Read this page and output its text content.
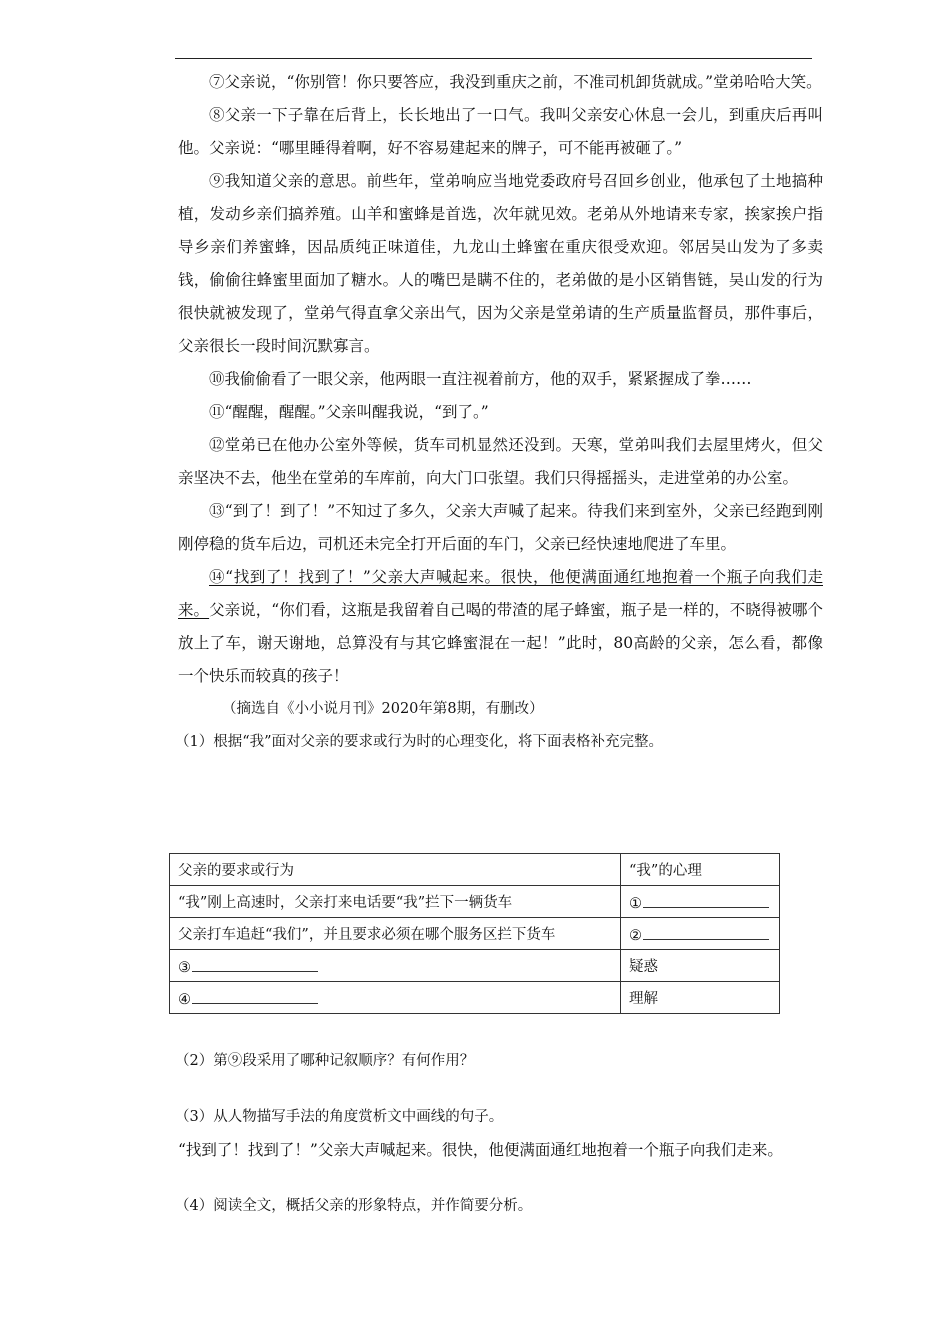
⑦父亲说，“你别管！你只要答应，我没到重庆之前，不准司机卸货就成。”堂弟哈哈大笑。

⑧父亲一下子靠在后背上，长长地出了一口气。我叫父亲安心休息一会儿，到重庆后再叫他。父亲说：“哪里睡得着啊，好不容易建起来的牌子，可不能再被砸了。”

⑨我知道父亲的意思。前些年，堂弟响应当地党委政府号召回乡创业，他承包了土地搞种植，发动乡亲们搞养殖。山羊和蜜蜂是首选，次年就见效。老弟从外地请来专家，挨家挨户指导乡亲们养蜜蜂，因品质纯正味道佳，九龙山土蜂蜜在重庆很受欢迎。邻居吴山发为了多卖钱，偷偷往蜂蜜里面加了糖水。人的嘴巴是瞒不住的，老弟做的是小区销售链，吴山发的行为很快就被发现了，堂弟气得直拿父亲出气，因为父亲是堂弟请的生产质量监督员，那件事后，父亲很长一段时间沉默寡言。

⑩我偷偷看了一眼父亲，他两眼一直注视着前方，他的双手，紧紧握成了拳……

⑪“醒醒，醒醒。”父亲叫醒我说，“到了。”

⑫堂弟已在他办公室外等候，货车司机显然还没到。天寒，堂弟叫我们去屋里烤火，但父亲坚决不去，他坐在堂弟的车库前，向大门口张望。我们只得摇摇头，走进堂弟的办公室。

⑬“到了！到了！”不知过了多久，父亲大声喊了起来。待我们来到室外，父亲已经跑到刚刚停稳的货车后边，司机还未完全打开后面的车门，父亲已经快速地爬进了车里。

⑭“找到了！找到了！”父亲大声喊起来。很快，他便满面通红地抱着一个瓶子向我们走来。父亲说，“你们看，这瓶是我留着自己喝的带渣的尾子蜂蜜，瓶子是一样的，不晓得被哪个放上了车，谢天谢地，总算没有与其它蜂蜜混在一起！”此时，80高龄的父亲，怎么看，都像一个快乐而较真的孩子！

（摘选自《小小说月刊》2020年第8期，有删改）

（1）根据“我”面对父亲的要求或行为时的心理变化，将下面表格补充完整。

父亲的要求或行为	“我”的心理
“我”刚上高速时，父亲打来电话要“我”拦下一辆货车	①
父亲打车追赶“我们”，并且要求必须在哪个服务区拦下货车	②
③	疑惑
④	理解

（2）第⑨段采用了哪种记叙顺序？有何作用？

（3）从人物描写手法的角度赏析文中画线的句子。

“找到了！找到了！”父亲大声喊起来。很快，他便满面通红地抱着一个瓶子向我们走来。

（4）阅读全文，概括父亲的形象特点，并作简要分析。
